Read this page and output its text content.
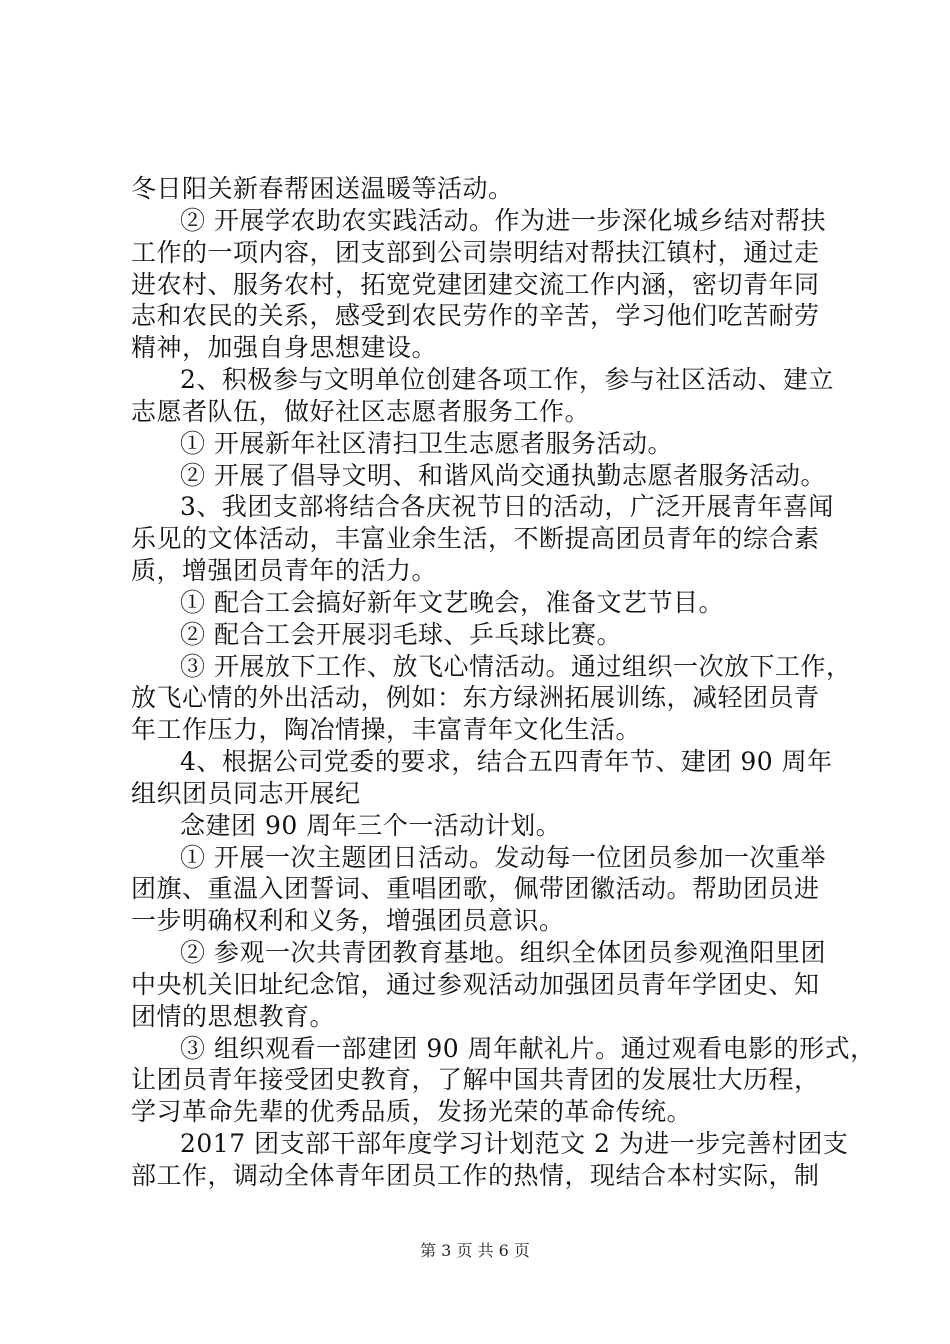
冬日阳关新春帮困送温暖等活动。
② 开展学农助农实践活动。作为进一步深化城乡结对帮扶
工作的一项内容，团支部到公司崇明结对帮扶江镇村，通过走
进农村、服务农村，拓宽党建团建交流工作内涵，密切青年同
志和农民的关系，感受到农民劳作的辛苦，学习他们吃苦耐劳
精神，加强自身思想建设。
2、积极参与文明单位创建各项工作，参与社区活动、建立
志愿者队伍，做好社区志愿者服务工作。
① 开展新年社区清扫卫生志愿者服务活动。
② 开展了倡导文明、和谐风尚交通执勤志愿者服务活动。
3、我团支部将结合各庆祝节日的活动，广泛开展青年喜闻
乐见的文体活动，丰富业余生活，不断提高团员青年的综合素
质，增强团员青年的活力。
① 配合工会搞好新年文艺晚会，准备文艺节目。
② 配合工会开展羽毛球、乒乓球比赛。
③ 开展放下工作、放飞心情活动。通过组织一次放下工作，
放飞心情的外出活动，例如：东方绿洲拓展训练，减轻团员青
年工作压力，陶冶情操，丰富青年文化生活。
4、根据公司党委的要求，结合五四青年节、建团 90 周年
组织团员同志开展纪
念建团 90 周年三个一活动计划。
① 开展一次主题团日活动。发动每一位团员参加一次重举
团旗、重温入团誓词、重唱团歌，佩带团徽活动。帮助团员进
一步明确权利和义务，增强团员意识。
② 参观一次共青团教育基地。组织全体团员参观渔阳里团
中央机关旧址纪念馆，通过参观活动加强团员青年学团史、知
团情的思想教育。
③ 组织观看一部建团 90 周年献礼片。通过观看电影的形式，
让团员青年接受团史教育，了解中国共青团的发展壮大历程，
学习革命先辈的优秀品质，发扬光荣的革命传统。
2017 团支部干部年度学习计划范文 2 为进一步完善村团支
部工作，调动全体青年团员工作的热情，现结合本村实际，制
第 3 页 共 6 页
